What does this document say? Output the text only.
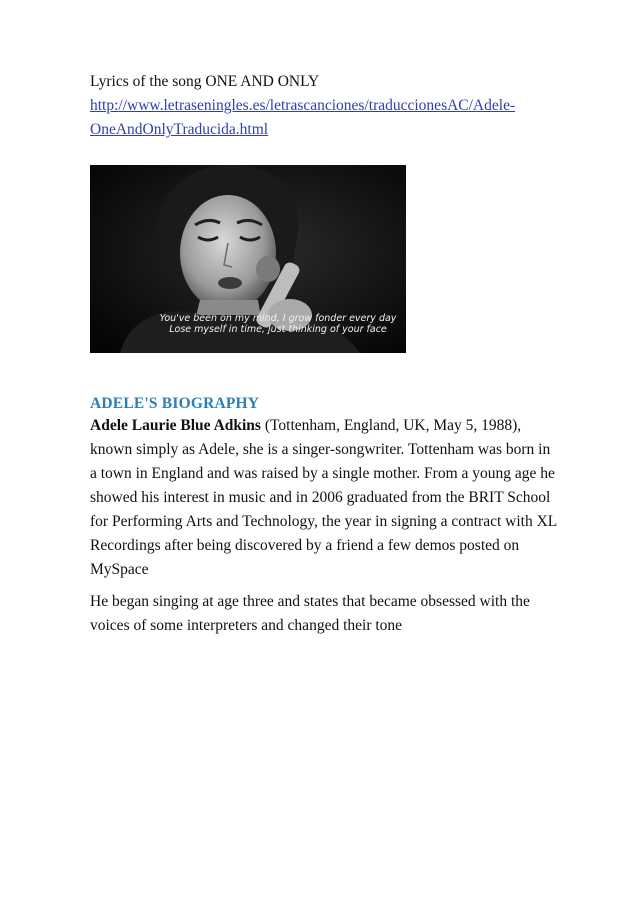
Lyrics of the song ONE AND ONLY
http://www.letraseningles.es/letrascanciones/traduccionesAC/Adele-
OneAndOnlyTraducida.html
You've been on my mind, I grow fonder every day
Lose myself in time, just thinking of your face
ADELE'S BIOGRAPHY
Adele Laurie Blue Adkins (Tottenham, England, UK, May 5, 1988),
known simply as Adele, she is a singer-songwriter. Tottenham was born in
a town in England and was raised by a single mother. From a young age he
showed his interest in music and in 2006 graduated from the BRIT School
for Performing Arts and Technology, the year in signing a contract with XL
Recordings after being discovered by a friend a few demos posted on
MySpace
He began singing at age three and states that became obsessed with the
voices of some interpreters and changed their tone
